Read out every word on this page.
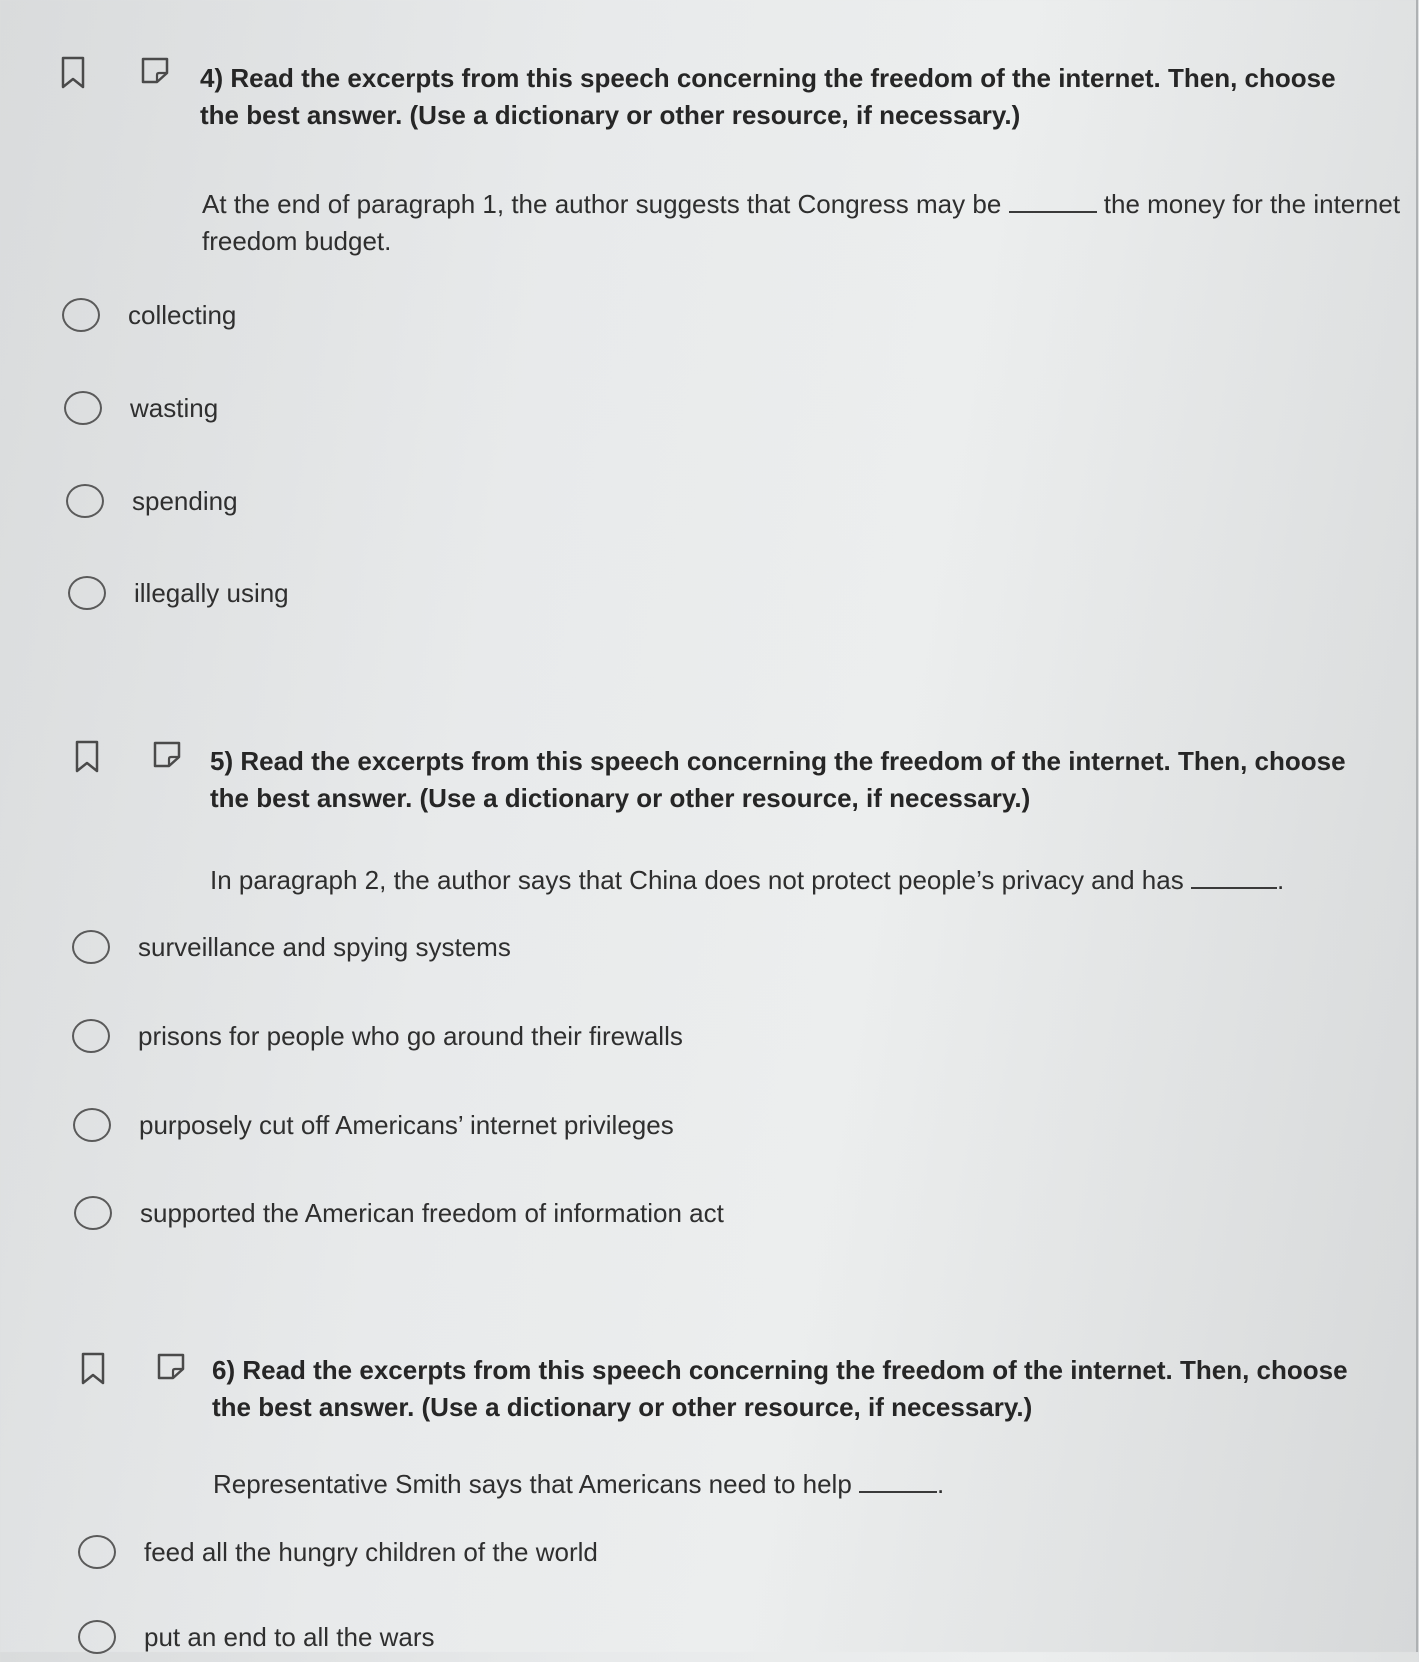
4) Read the excerpts from this speech concerning the freedom of the internet. Then, choose the best answer. (Use a dictionary or other resource, if necessary.)
At the end of paragraph 1, the author suggests that Congress may be	the money for the internet freedom budget.
collecting
wasting
spending
illegally using
5) Read the excerpts from this speech concerning the freedom of the internet. Then, choose the best answer. (Use a dictionary or other resource, if necessary.)
In paragraph 2, the author says that China does not protect people’s privacy and has	.
surveillance and spying systems
prisons for people who go around their firewalls
purposely cut off Americans’ internet privileges
supported the American freedom of information act
6) Read the excerpts from this speech concerning the freedom of the internet. Then, choose the best answer. (Use a dictionary or other resource, if necessary.)
Representative Smith says that Americans need to help	.
feed all the hungry children of the world
put an end to all the wars
